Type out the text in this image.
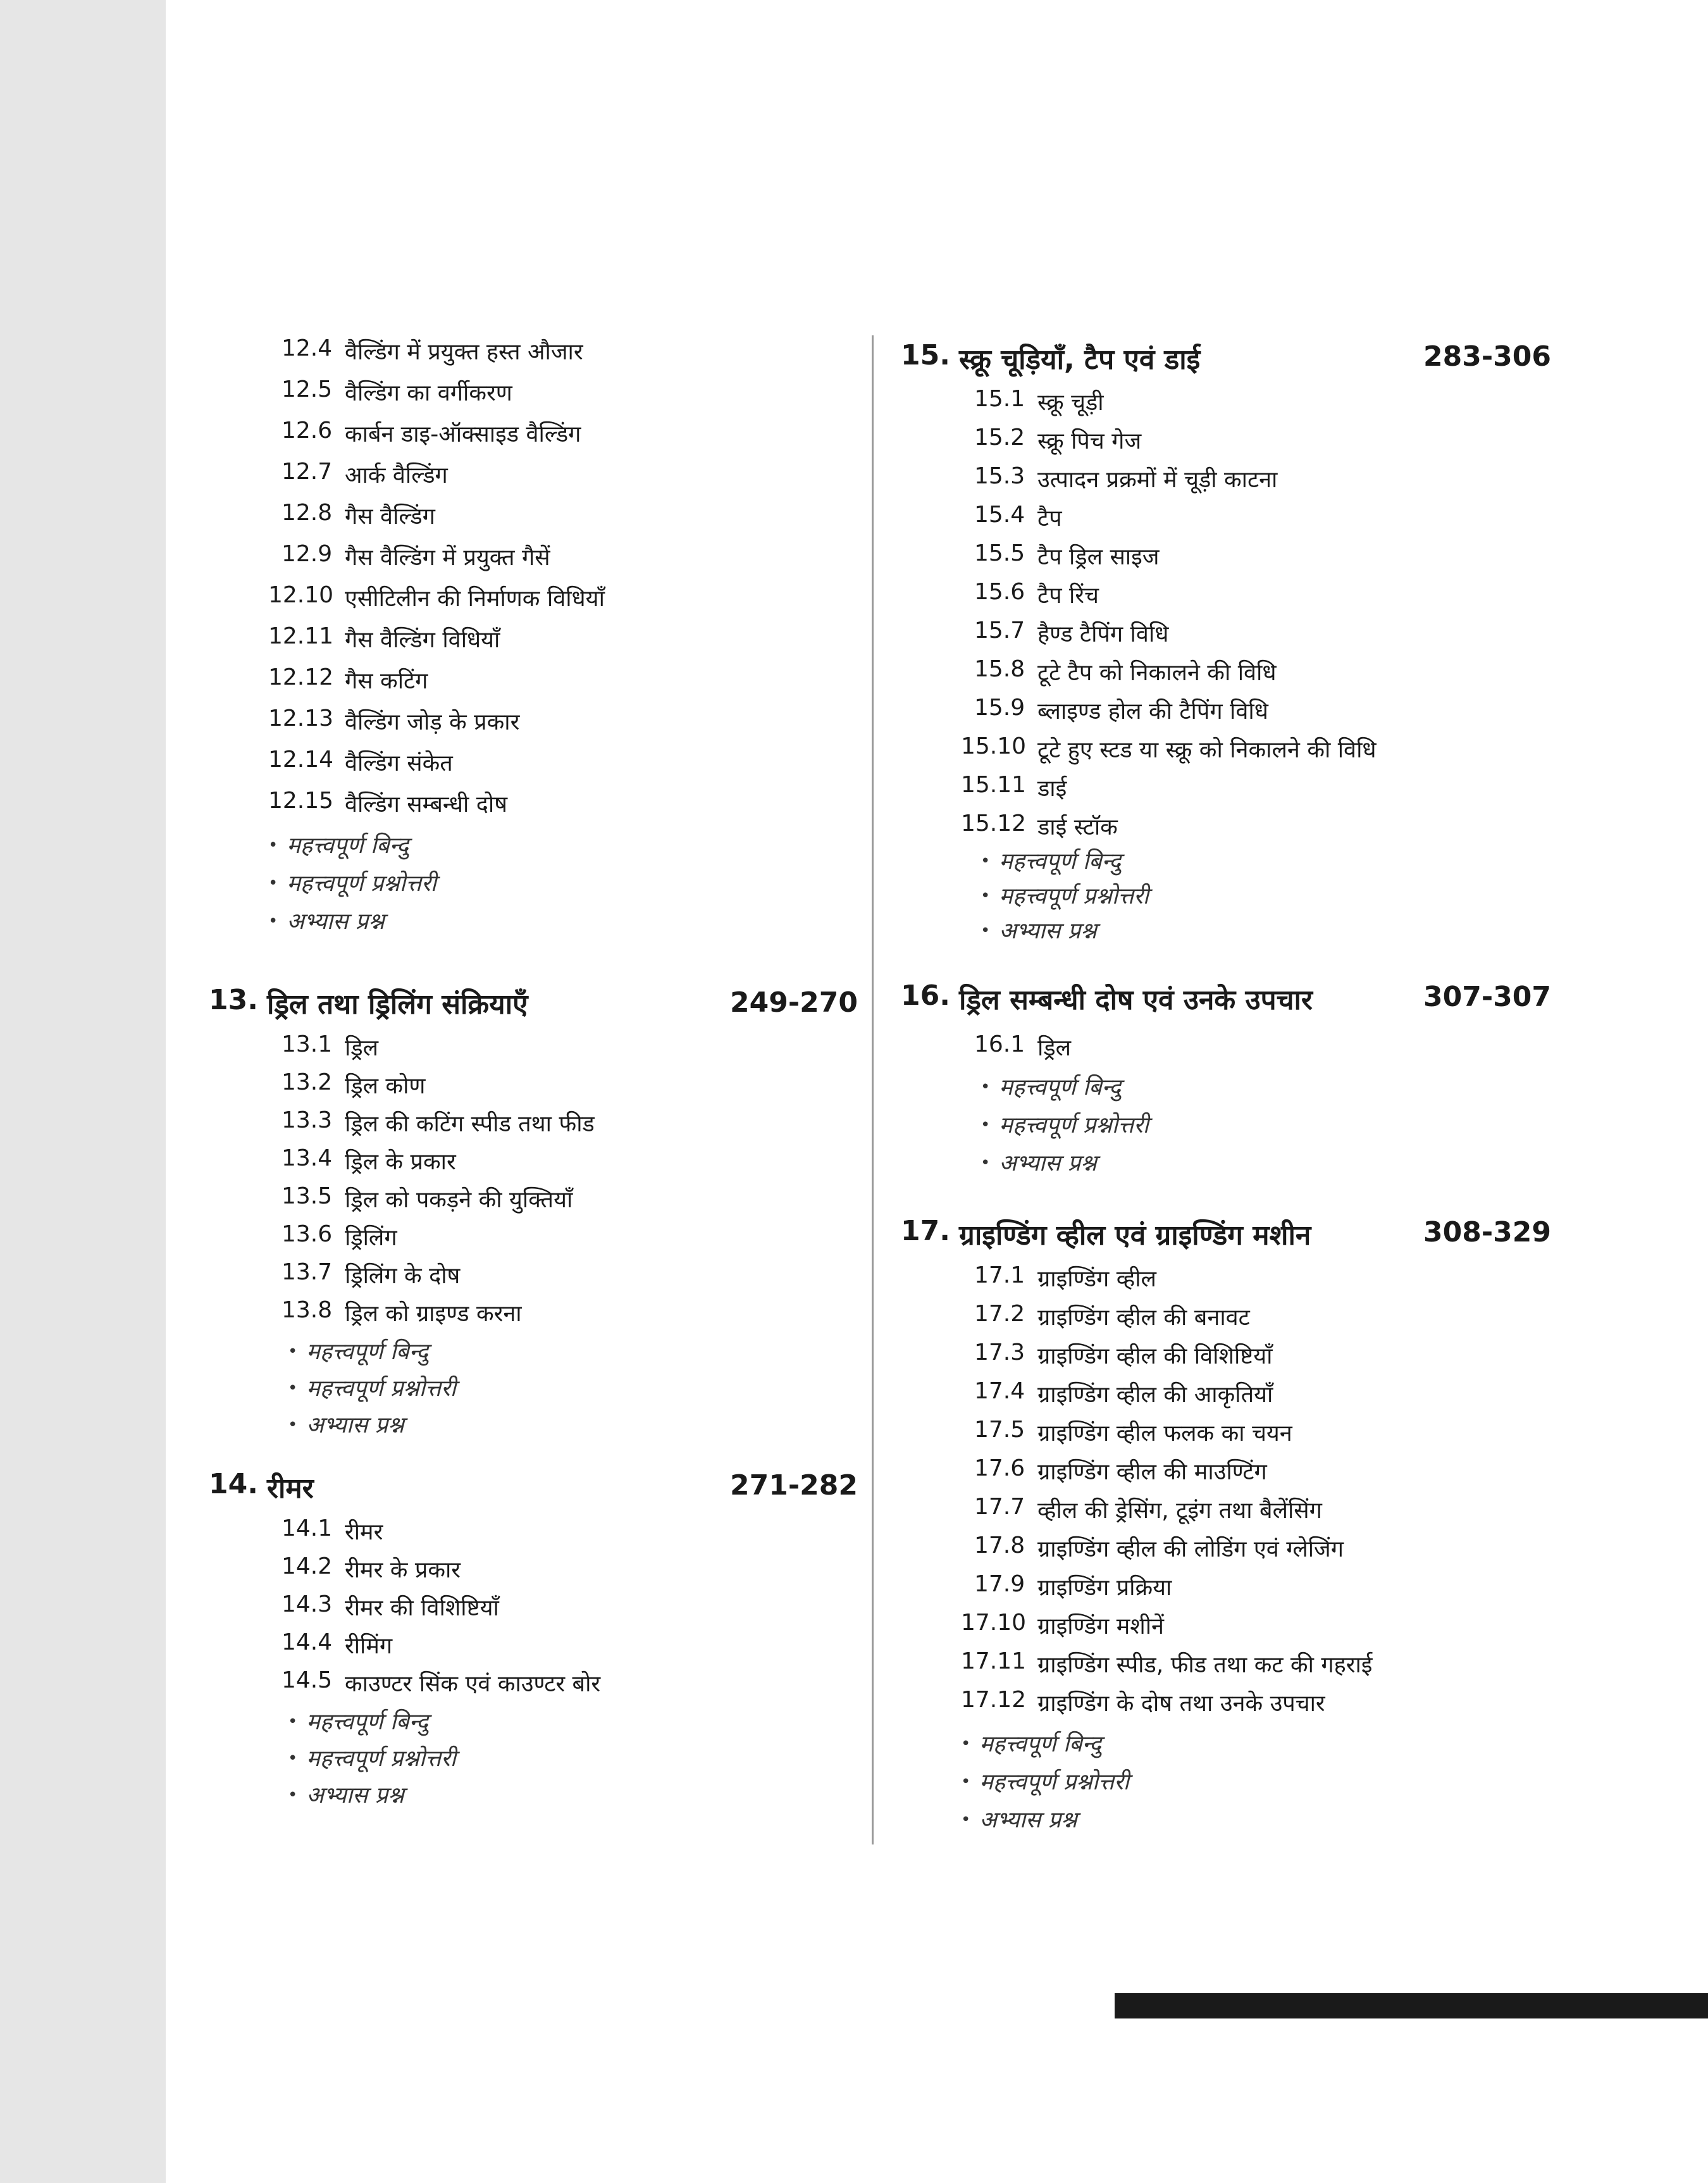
12.4 वैल्डिंग में प्रयुक्त हस्त औजार
12.5 वैल्डिंग का वर्गीकरण
12.6 कार्बन डाइ-ऑक्साइड वैल्डिंग
12.7 आर्क वैल्डिंग
12.8 गैस वैल्डिंग
12.9 गैस वैल्डिंग में प्रयुक्त गैसें
12.10 एसीटिलीन की निर्माणक विधियाँ
12.11 गैस वैल्डिंग विधियाँ
12.12 गैस कटिंग
12.13 वैल्डिंग जोड़ के प्रकार
12.14 वैल्डिंग संकेत
12.15 वैल्डिंग सम्बन्धी दोष
• महत्त्वपूर्ण बिन्दु
• महत्त्वपूर्ण प्रश्नोत्तरी
• अभ्यास प्रश्न
13. ड्रिल तथा ड्रिलिंग संक्रियाएँ	249-270
13.1 ड्रिल
13.2 ड्रिल कोण
13.3 ड्रिल की कटिंग स्पीड तथा फीड
13.4 ड्रिल के प्रकार
13.5 ड्रिल को पकड़ने की युक्तियाँ
13.6 ड्रिलिंग
13.7 ड्रिलिंग के दोष
13.8 ड्रिल को ग्राइण्ड करना
• महत्त्वपूर्ण बिन्दु
• महत्त्वपूर्ण प्रश्नोत्तरी
• अभ्यास प्रश्न
14. रीमर	271-282
14.1 रीमर
14.2 रीमर के प्रकार
14.3 रीमर की विशिष्टियाँ
14.4 रीमिंग
14.5 काउण्टर सिंक एवं काउण्टर बोर
• महत्त्वपूर्ण बिन्दु
• महत्त्वपूर्ण प्रश्नोत्तरी
• अभ्यास प्रश्न
15. स्क्रू चूड़ियाँ, टैप एवं डाई	283-306
15.1 स्क्रू चूड़ी
15.2 स्क्रू पिच गेज
15.3 उत्पादन प्रक्रमों में चूड़ी काटना
15.4 टैप
15.5 टैप ड्रिल साइज
15.6 टैप रिंच
15.7 हैण्ड टैपिंग विधि
15.8 टूटे टैप को निकालने की विधि
15.9 ब्लाइण्ड होल की टैपिंग विधि
15.10 टूटे हुए स्टड या स्क्रू को निकालने की विधि
15.11 डाई
15.12 डाई स्टॉक
• महत्त्वपूर्ण बिन्दु
• महत्त्वपूर्ण प्रश्नोत्तरी
• अभ्यास प्रश्न
16. ड्रिल सम्बन्धी दोष एवं उनके उपचार	307-307
16.1 ड्रिल
• महत्त्वपूर्ण बिन्दु
• महत्त्वपूर्ण प्रश्नोत्तरी
• अभ्यास प्रश्न
17. ग्राइण्डिंग व्हील एवं ग्राइण्डिंग मशीन	308-329
17.1 ग्राइण्डिंग व्हील
17.2 ग्राइण्डिंग व्हील की बनावट
17.3 ग्राइण्डिंग व्हील की विशिष्टियाँ
17.4 ग्राइण्डिंग व्हील की आकृतियाँ
17.5 ग्राइण्डिंग व्हील फलक का चयन
17.6 ग्राइण्डिंग व्हील की माउण्टिंग
17.7 व्हील की ड्रेसिंग, टूइंग तथा बैलेंसिंग
17.8 ग्राइण्डिंग व्हील की लोडिंग एवं ग्लेजिंग
17.9 ग्राइण्डिंग प्रक्रिया
17.10 ग्राइण्डिंग मशीनें
17.11 ग्राइण्डिंग स्पीड, फीड तथा कट की गहराई
17.12 ग्राइण्डिंग के दोष तथा उनके उपचार
• महत्त्वपूर्ण बिन्दु
• महत्त्वपूर्ण प्रश्नोत्तरी
• अभ्यास प्रश्न
